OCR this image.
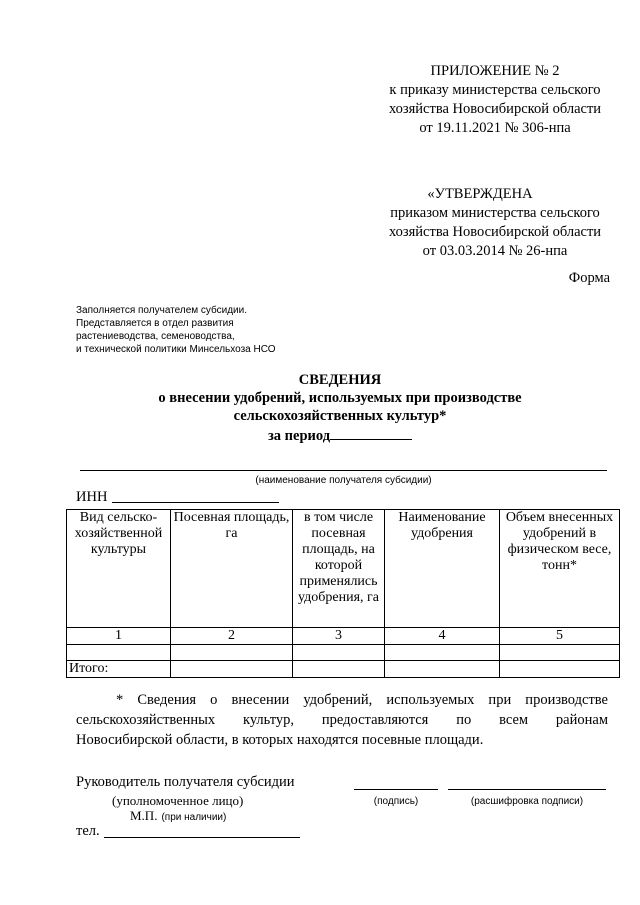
ПРИЛОЖЕНИЕ № 2
к приказу министерства сельского
хозяйства Новосибирской области
от 19.11.2021 № 306-нпа
«УТВЕРЖДЕНА
приказом министерства сельского
хозяйства Новосибирской области
от 03.03.2014 № 26-нпа
Форма
Заполняется получателем субсидии.
Представляется в отдел развития
растениеводства, семеноводства,
и технической политики Минсельхоза НСО
СВЕДЕНИЯ
о внесении удобрений, используемых при производстве
сельскохозяйственных культур*
за период
(наименование получателя субсидии)
ИНН
Вид сельско-хозяйственной культуры	Посевная площадь, га	в том числе посевная площадь, на которой применялись удобрения, га	Наименование удобрения	Объем внесенных удобрений в физическом весе, тонн*
1	2	3	4	5

Итого:				
* Сведения о внесении удобрений, используемых при производстве
сельскохозяйственных культур, предоставляются по всем районам
Новосибирской области, в которых находятся посевные площади.
Руководитель получателя субсидии
(уполномоченное лицо)	(подпись)	(расшифровка подписи)
М.П. (при наличии)
тел.
